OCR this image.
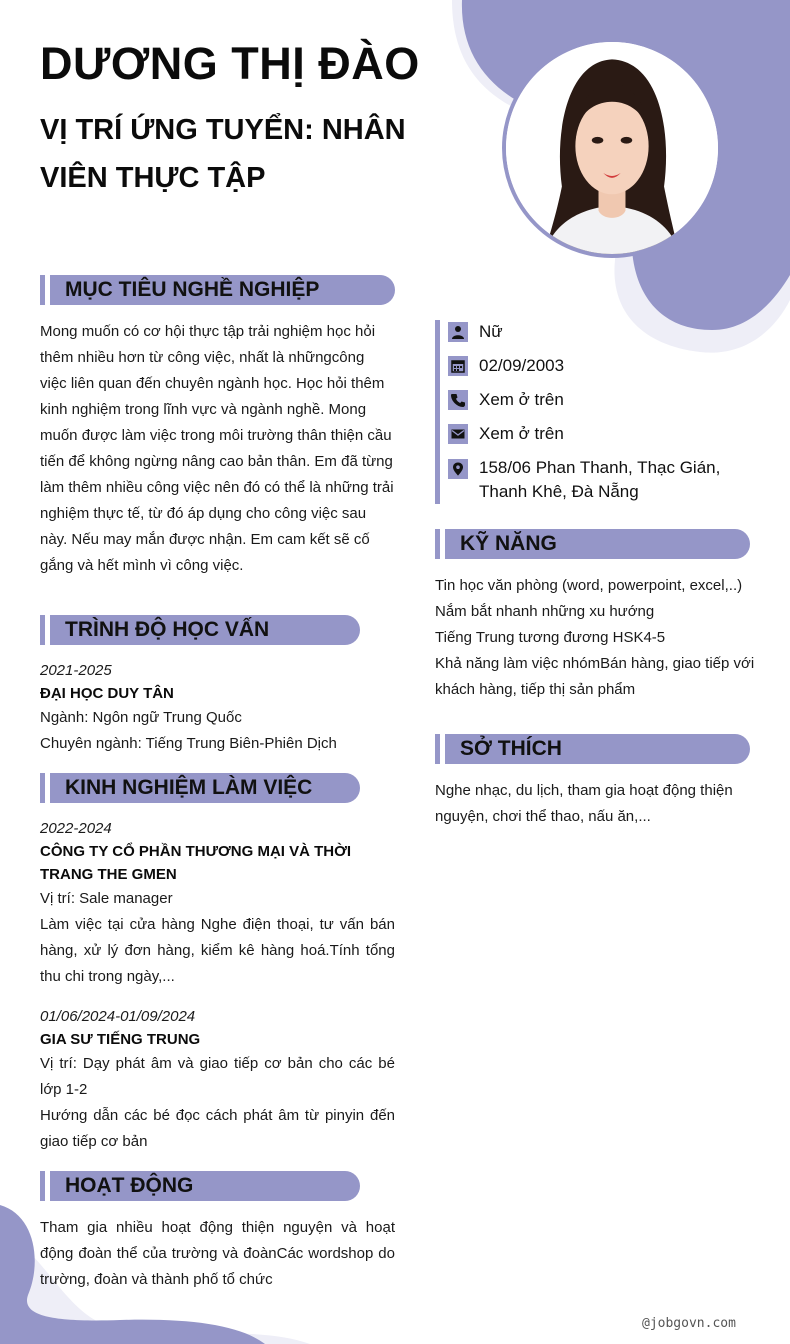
DƯƠNG THỊ ĐÀO
VỊ TRÍ ỨNG TUYỂN: NHÂN VIÊN THỰC TẬP
MỤC TIÊU NGHỀ NGHIỆP
Mong muốn có cơ hội thực tập trải nghiệm học hỏi thêm nhiều hơn từ công việc, nhất là nhữngcông việc liên quan đến chuyên ngành học. Học hỏi thêm kinh nghiệm trong lĩnh vực và ngành nghề. Mong muốn được làm việc trong môi trường thân thiện cầu tiến để không ngừng nâng cao bản thân. Em đã từng làm thêm nhiều công việc nên đó có thể là những trải nghiệm thực tế, từ đó áp dụng cho công việc sau này. Nếu may mắn được nhận. Em cam kết sẽ cố gắng và hết mình vì công việc.
TRÌNH ĐỘ HỌC VẤN
2021-2025
ĐẠI HỌC DUY TÂN
Ngành: Ngôn ngữ Trung Quốc
Chuyên ngành: Tiếng Trung Biên-Phiên Dịch
KINH NGHIỆM LÀM VIỆC
2022-2024
CÔNG TY CỔ PHẦN THƯƠNG MẠI VÀ THỜI TRANG THE GMEN
Vị trí: Sale manager
Làm việc tại cửa hàng Nghe điện thoại, tư vấn bán hàng, xử lý đơn hàng, kiểm kê hàng hoá.Tính tổng thu chi trong ngày,...
01/06/2024-01/09/2024
GIA SƯ TIẾNG TRUNG
Vị trí: Dạy phát âm và giao tiếp cơ bản cho các bé lớp 1-2
Hướng dẫn các bé đọc cách phát âm từ pinyin đến giao tiếp cơ bản
HOẠT ĐỘNG
Tham gia nhiều hoạt động thiện nguyện và hoạt động đoàn thể của trường và đoànCác wordshop do trường, đoàn và thành phố tổ chức
Nữ
02/09/2003
Xem ở trên
Xem ở trên
158/06 Phan Thanh, Thạc Gián, Thanh Khê, Đà Nẵng
KỸ NĂNG
Tin học văn phòng (word, powerpoint, excel,..)
Nắm bắt nhanh những xu hướng
Tiếng Trung tương đương HSK4-5
Khả năng làm việc nhómBán hàng, giao tiếp với khách hàng, tiếp thị sản phẩm
SỞ THÍCH
Nghe nhạc, du lịch, tham gia hoạt động thiện nguyện, chơi thể thao, nấu ăn,...
@jobgovn.com
